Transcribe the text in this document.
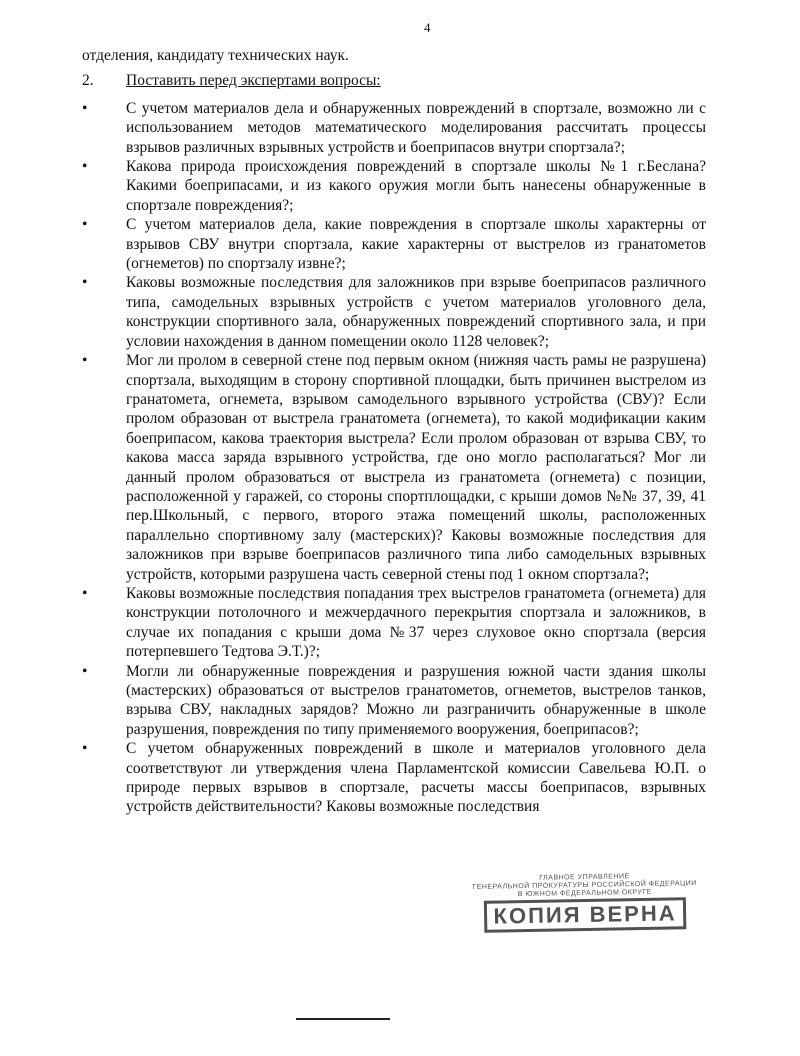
4

отделения, кандидату технических наук.

2. Поставить перед экспертами вопросы:

•	С учетом материалов дела и обнаруженных повреждений в спортзале, возможно ли с использованием методов математического моделирования рассчитать процессы взрывов различных взрывных устройств и боеприпасов внутри спортзала?;
•	Какова природа происхождения повреждений в спортзале школы №1 г.Беслана? Какими боеприпасами, и из какого оружия могли быть нанесены обнаруженные в спортзале повреждения?;
•	С учетом материалов дела, какие повреждения в спортзале школы характерны от взрывов СВУ внутри спортзала, какие характерны от выстрелов из гранатометов (огнеметов) по спортзалу извне?;
•	Каковы возможные последствия для заложников при взрыве боеприпасов различного типа, самодельных взрывных устройств с учетом материалов уголовного дела, конструкции спортивного зала, обнаруженных повреждений спортивного зала, и при условии нахождения в данном помещении около 1128 человек?;
•	Мог ли пролом в северной стене под первым окном (нижняя часть рамы не разрушена) спортзала, выходящим в сторону спортивной площадки, быть причинен выстрелом из гранатомета, огнемета, взрывом самодельного взрывного устройства (СВУ)? Если пролом образован от выстрела гранатомета (огнемета), то какой модификации каким боеприпасом, какова траектория выстрела? Если пролом образован от взрыва СВУ, то какова масса заряда взрывного устройства, где оно могло располагаться? Мог ли данный пролом образоваться от выстрела из гранатомета (огнемета) с позиции, расположенной у гаражей, со стороны спортплощадки, с крыши домов №№ 37, 39, 41 пер.Школьный, с первого, второго этажа помещений школы, расположенных параллельно спортивному залу (мастерских)? Каковы возможные последствия для заложников при взрыве боеприпасов различного типа либо самодельных взрывных устройств, которыми разрушена часть северной стены под 1 окном спортзала?;
•	Каковы возможные последствия попадания трех выстрелов гранатомета (огнемета) для конструкции потолочного и межчердачного перекрытия спортзала и заложников, в случае их попадания с крыши дома №37 через слуховое окно спортзала (версия потерпевшего Тедтова Э.Т.)?;
•	Могли ли обнаруженные повреждения и разрушения южной части здания школы (мастерских) образоваться от выстрелов гранатометов, огнеметов, выстрелов танков, взрыва СВУ, накладных зарядов? Можно ли разграничить обнаруженные в школе разрушения, повреждения по типу применяемого вооружения, боеприпасов?;
•	С учетом обнаруженных повреждений в школе и материалов уголовного дела соответствуют ли утверждения члена Парламентской комиссии Савельева Ю.П. о природе первых взрывов в спортзале, расчеты массы боеприпасов, взрывных устройств действительности? Каковы возможные последствия
ГЛАВНОЕ УПРАВЛЕНИЕ
ГЕНЕРАЛЬНОЙ ПРОКУРАТУРЫ РОССИЙСКОЙ ФЕДЕРАЦИИ
В ЮЖНОМ ФЕДЕРАЛЬНОМ ОКРУГЕ
КОПИЯ ВЕРНА
